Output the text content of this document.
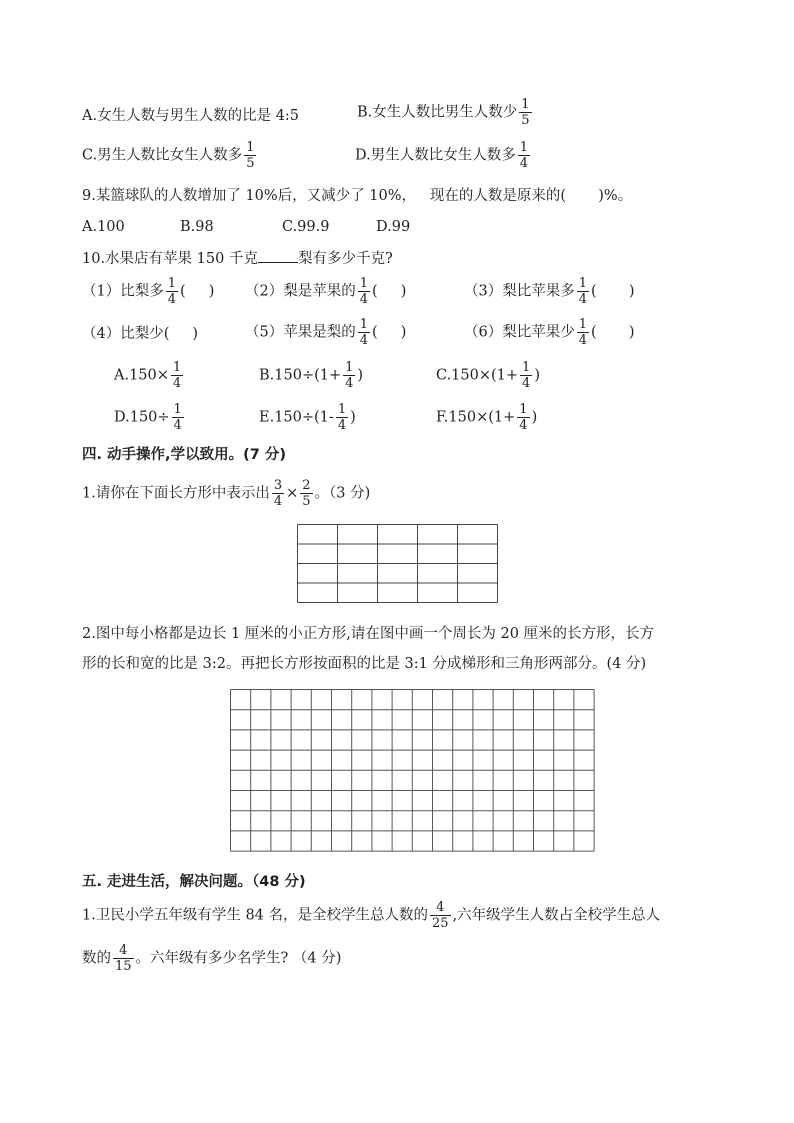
A.女生人数与男生人数的比是 4:5	B.女生人数比男生人数少 $\frac{1}{5}$
C.男生人数比女生人数多 $\frac{1}{5}$	D.男生人数比女生人数多 $\frac{1}{4}$
9.某篮球队的人数增加了 10%后，又减少了 10%，   现在的人数是原来的(       )%。
A.100	B.98	C.99.9	D.99
10.水果店有苹果 150 千克	梨有多少千克?
（1）比梨多 $\frac{1}{4}$ (     ) （2）梨是苹果的 $\frac{1}{4}$ (     )	（3）梨比苹果多 $\frac{1}{4}$ (       )
（4）比梨少(     )	（5）苹果是梨的 $\frac{1}{4}$ (     )	（6）梨比苹果少 $\frac{1}{4}$ (       )
$A.150\times \frac{1}{4}$	$B.150\div(1+ \frac{1}{4}$ )	$C.150\times(1+ \frac{1}{4}$ )
$D.150\div \frac{1}{4}$	$E.150\div(1- \frac{1}{4}$ )	$F.150\times(1+ \frac{1}{4}$ )
四. 动手操作,学以致用。(7 分)
1.请你在下面长方形中表示出 $\frac{3}{4} \times \frac{2}{5}$ 。（3 分)
2.图中每小格都是边长 1 厘米的小正方形,请在图中画一个周长为 20 厘米的长方形，长方
形的长和宽的比是 3:2。再把长方形按面积的比是 3:1 分成梯形和三角形两部分。(4 分)
五. 走进生活，解决问题。（48 分)
1.卫民小学五年级有学生 84 名，是全校学生总人数的 $\frac{4}{25}$ ,六年级学生人数占全校学生总人
数的 $\frac{4}{15}$ 。六年级有多少名学生? （4 分)
